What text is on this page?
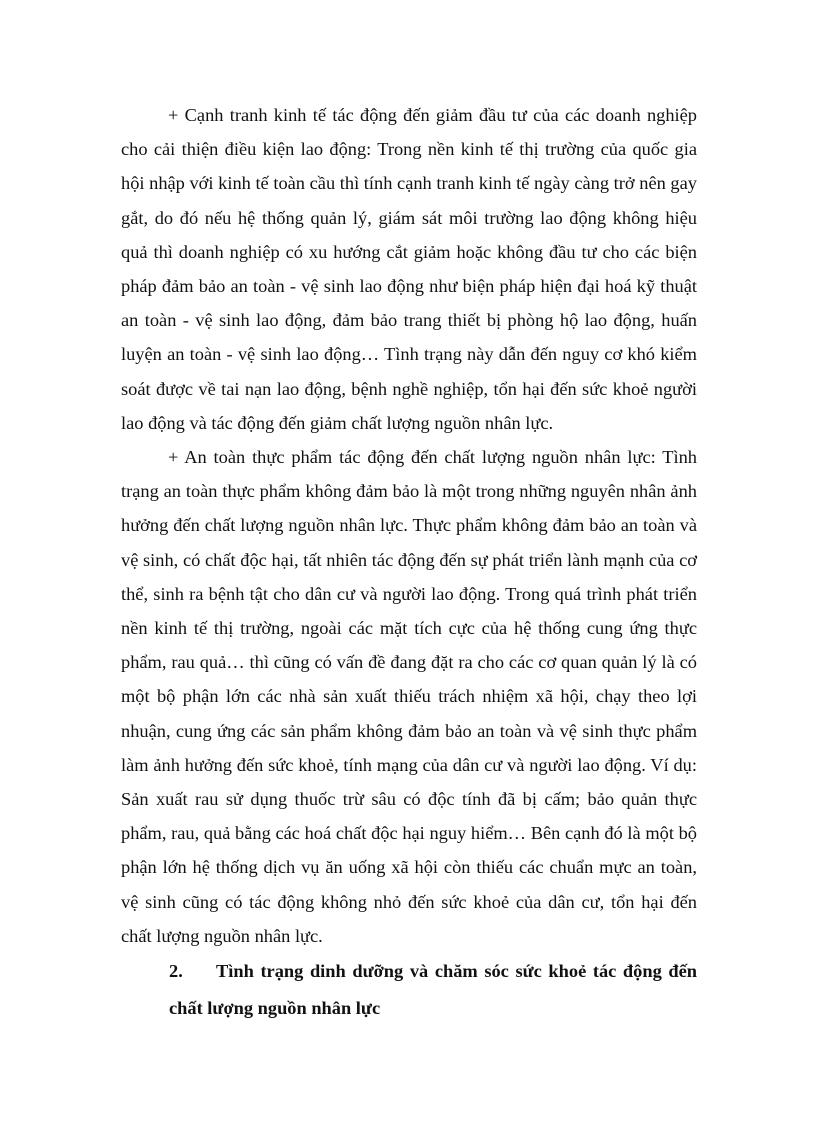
+ Cạnh tranh kinh tế tác động đến giảm đầu tư của các doanh nghiệp cho cải thiện điều kiện lao động: Trong nền kinh tế thị trường của quốc gia hội nhập với kinh tế toàn cầu thì tính cạnh tranh kinh tế ngày càng trở nên gay gắt, do đó nếu hệ thống quản lý, giám sát môi trường lao động không hiệu quả thì doanh nghiệp có xu hướng cắt giảm hoặc không đầu tư cho các biện pháp đảm bảo an toàn - vệ sinh lao động như biện pháp hiện đại hoá kỹ thuật an toàn - vệ sinh lao động, đảm bảo trang thiết bị phòng hộ lao động, huấn luyện an toàn - vệ sinh lao động… Tình trạng này dẫn đến nguy cơ khó kiểm soát được về tai nạn lao động, bệnh nghề nghiệp, tổn hại đến sức khoẻ người lao động và tác động đến giảm chất lượng nguồn nhân lực.

+ An toàn thực phẩm tác động đến chất lượng nguồn nhân lực: Tình trạng an toàn thực phẩm không đảm bảo là một trong những nguyên nhân ảnh hưởng đến chất lượng nguồn nhân lực. Thực phẩm không đảm bảo an toàn và vệ sinh, có chất độc hại, tất nhiên tác động đến sự phát triển lành mạnh của cơ thể, sinh ra bệnh tật cho dân cư và người lao động. Trong quá trình phát triển nền kinh tế thị trường, ngoài các mặt tích cực của hệ thống cung ứng thực phẩm, rau quả… thì cũng có vấn đề đang đặt ra cho các cơ quan quản lý là có một bộ phận lớn các nhà sản xuất thiếu trách nhiệm xã hội, chạy theo lợi nhuận, cung ứng các sản phẩm không đảm bảo an toàn và vệ sinh thực phẩm làm ảnh hưởng đến sức khoẻ, tính mạng của dân cư và người lao động. Ví dụ: Sản xuất rau sử dụng thuốc trừ sâu có độc tính đã bị cấm; bảo quản thực phẩm, rau, quả bằng các hoá chất độc hại nguy hiểm… Bên cạnh đó là một bộ phận lớn hệ thống dịch vụ ăn uống xã hội còn thiếu các chuẩn mực an toàn, vệ sinh cũng có tác động không nhỏ đến sức khoẻ của dân cư, tổn hại đến chất lượng nguồn nhân lực.

2. Tình trạng dinh dưỡng và chăm sóc sức khoẻ tác động đến chất lượng nguồn nhân lực
